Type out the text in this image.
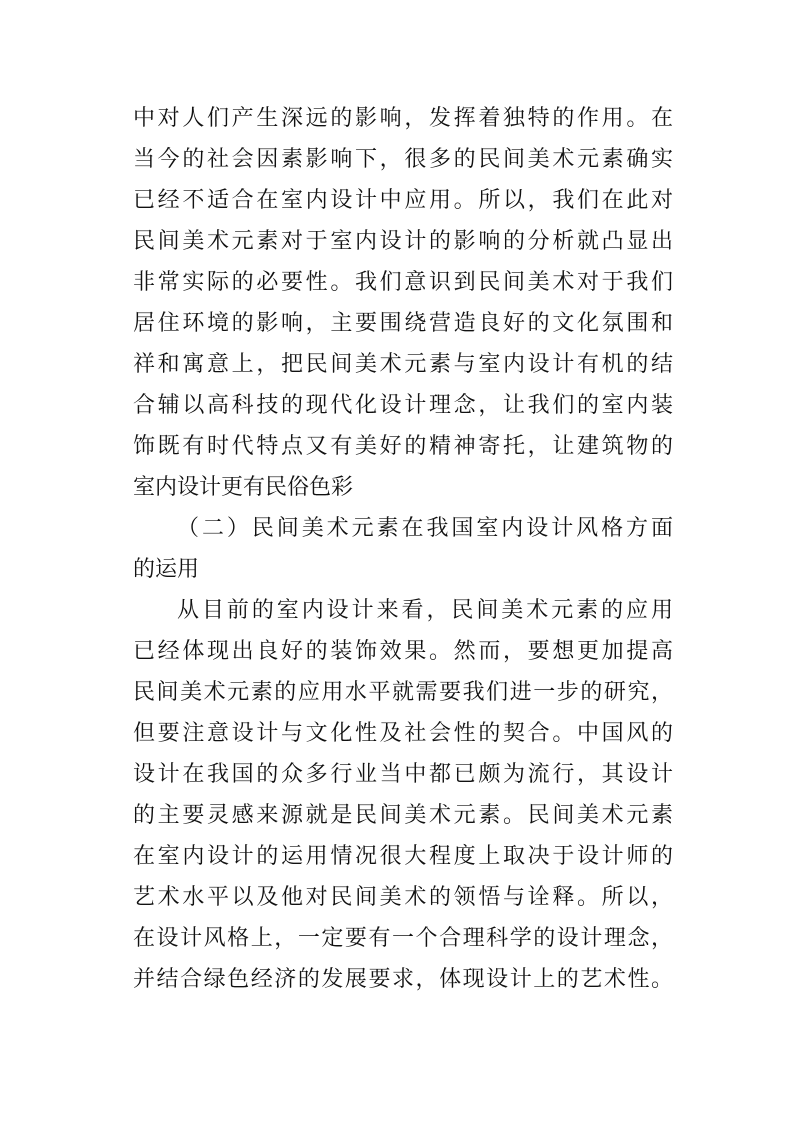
中对人们产生深远的影响，发挥着独特的作用。在
当今的社会因素影响下，很多的民间美术元素确实
已经不适合在室内设计中应用。所以，我们在此对
民间美术元素对于室内设计的影响的分析就凸显出
非常实际的必要性。我们意识到民间美术对于我们
居住环境的影响，主要围绕营造良好的文化氛围和
祥和寓意上，把民间美术元素与室内设计有机的结
合辅以高科技的现代化设计理念，让我们的室内装
饰既有时代特点又有美好的精神寄托，让建筑物的
室内设计更有民俗色彩
（二）民间美术元素在我国室内设计风格方面
的运用
从目前的室内设计来看，民间美术元素的应用
已经体现出良好的装饰效果。然而，要想更加提高
民间美术元素的应用水平就需要我们进一步的研究，
但要注意设计与文化性及社会性的契合。中国风的
设计在我国的众多行业当中都已颇为流行，其设计
的主要灵感来源就是民间美术元素。民间美术元素
在室内设计的运用情况很大程度上取决于设计师的
艺术水平以及他对民间美术的领悟与诠释。所以，
在设计风格上，一定要有一个合理科学的设计理念，
并结合绿色经济的发展要求，体现设计上的艺术性。
